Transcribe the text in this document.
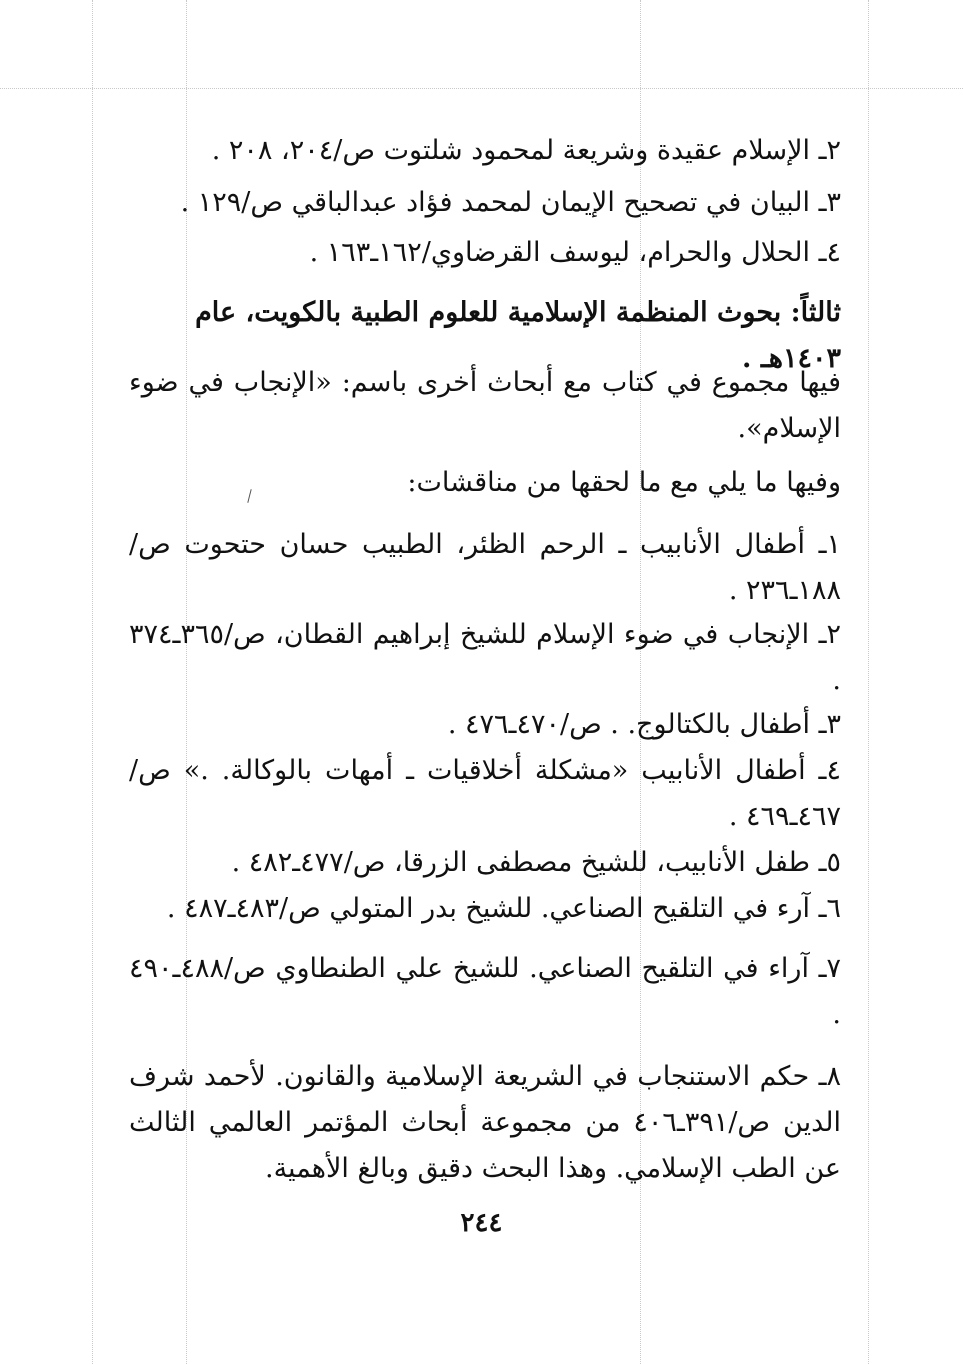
٢ـ الإسلام عقيدة وشريعة لمحمود شلتوت ص/٢٠٤، ٢٠٨ .
٣ـ البيان في تصحيح الإيمان لمحمد فؤاد عبدالباقي ص/١٢٩ .
٤ـ الحلال والحرام، ليوسف القرضاوي/١٦٢ـ١٦٣ .
ثالثاً: بحوث المنظمة الإسلامية للعلوم الطبية بالكويت، عام ١٤٠٣هـ .
فيها مجموع في كتاب مع أبحاث أخرى باسم: «الإنجاب في ضوء الإسلام».
وفيها ما يلي مع ما لحقها من مناقشات:
١ـ أطفال الأنابيب ـ الرحم الظئر، الطبيب حسان حتحوت ص/١٨٨ـ٢٣٦ .
٢ـ الإنجاب في ضوء الإسلام للشيخ إبراهيم القطان، ص/٣٦٥ـ٣٧٤ .
٣ـ أطفال بالكتالوج. . ص/٤٧٠ـ٤٧٦ .
٤ـ أطفال الأنابيب «مشكلة أخلاقيات ـ أمهات بالوكالة. .» ص/٤٦٧ـ٤٦٩ .
٥ـ طفل الأنابيب، للشيخ مصطفى الزرقا، ص/٤٧٧ـ٤٨٢ .
٦ـ آرء في التلقيح الصناعي. للشيخ بدر المتولي ص/٤٨٣ـ٤٨٧ .
٧ـ آراء في التلقيح الصناعي. للشيخ علي الطنطاوي ص/٤٨٨ـ٤٩٠ .
٨ـ حكم الاستنجاب في الشريعة الإسلامية والقانون. لأحمد شرف الدين ص/٣٩١ـ٤٠٦ من مجموعة أبحاث المؤتمر العالمي الثالث عن الطب الإسلامي. وهذا البحث دقيق وبالغ الأهمية.
٢٤٤
